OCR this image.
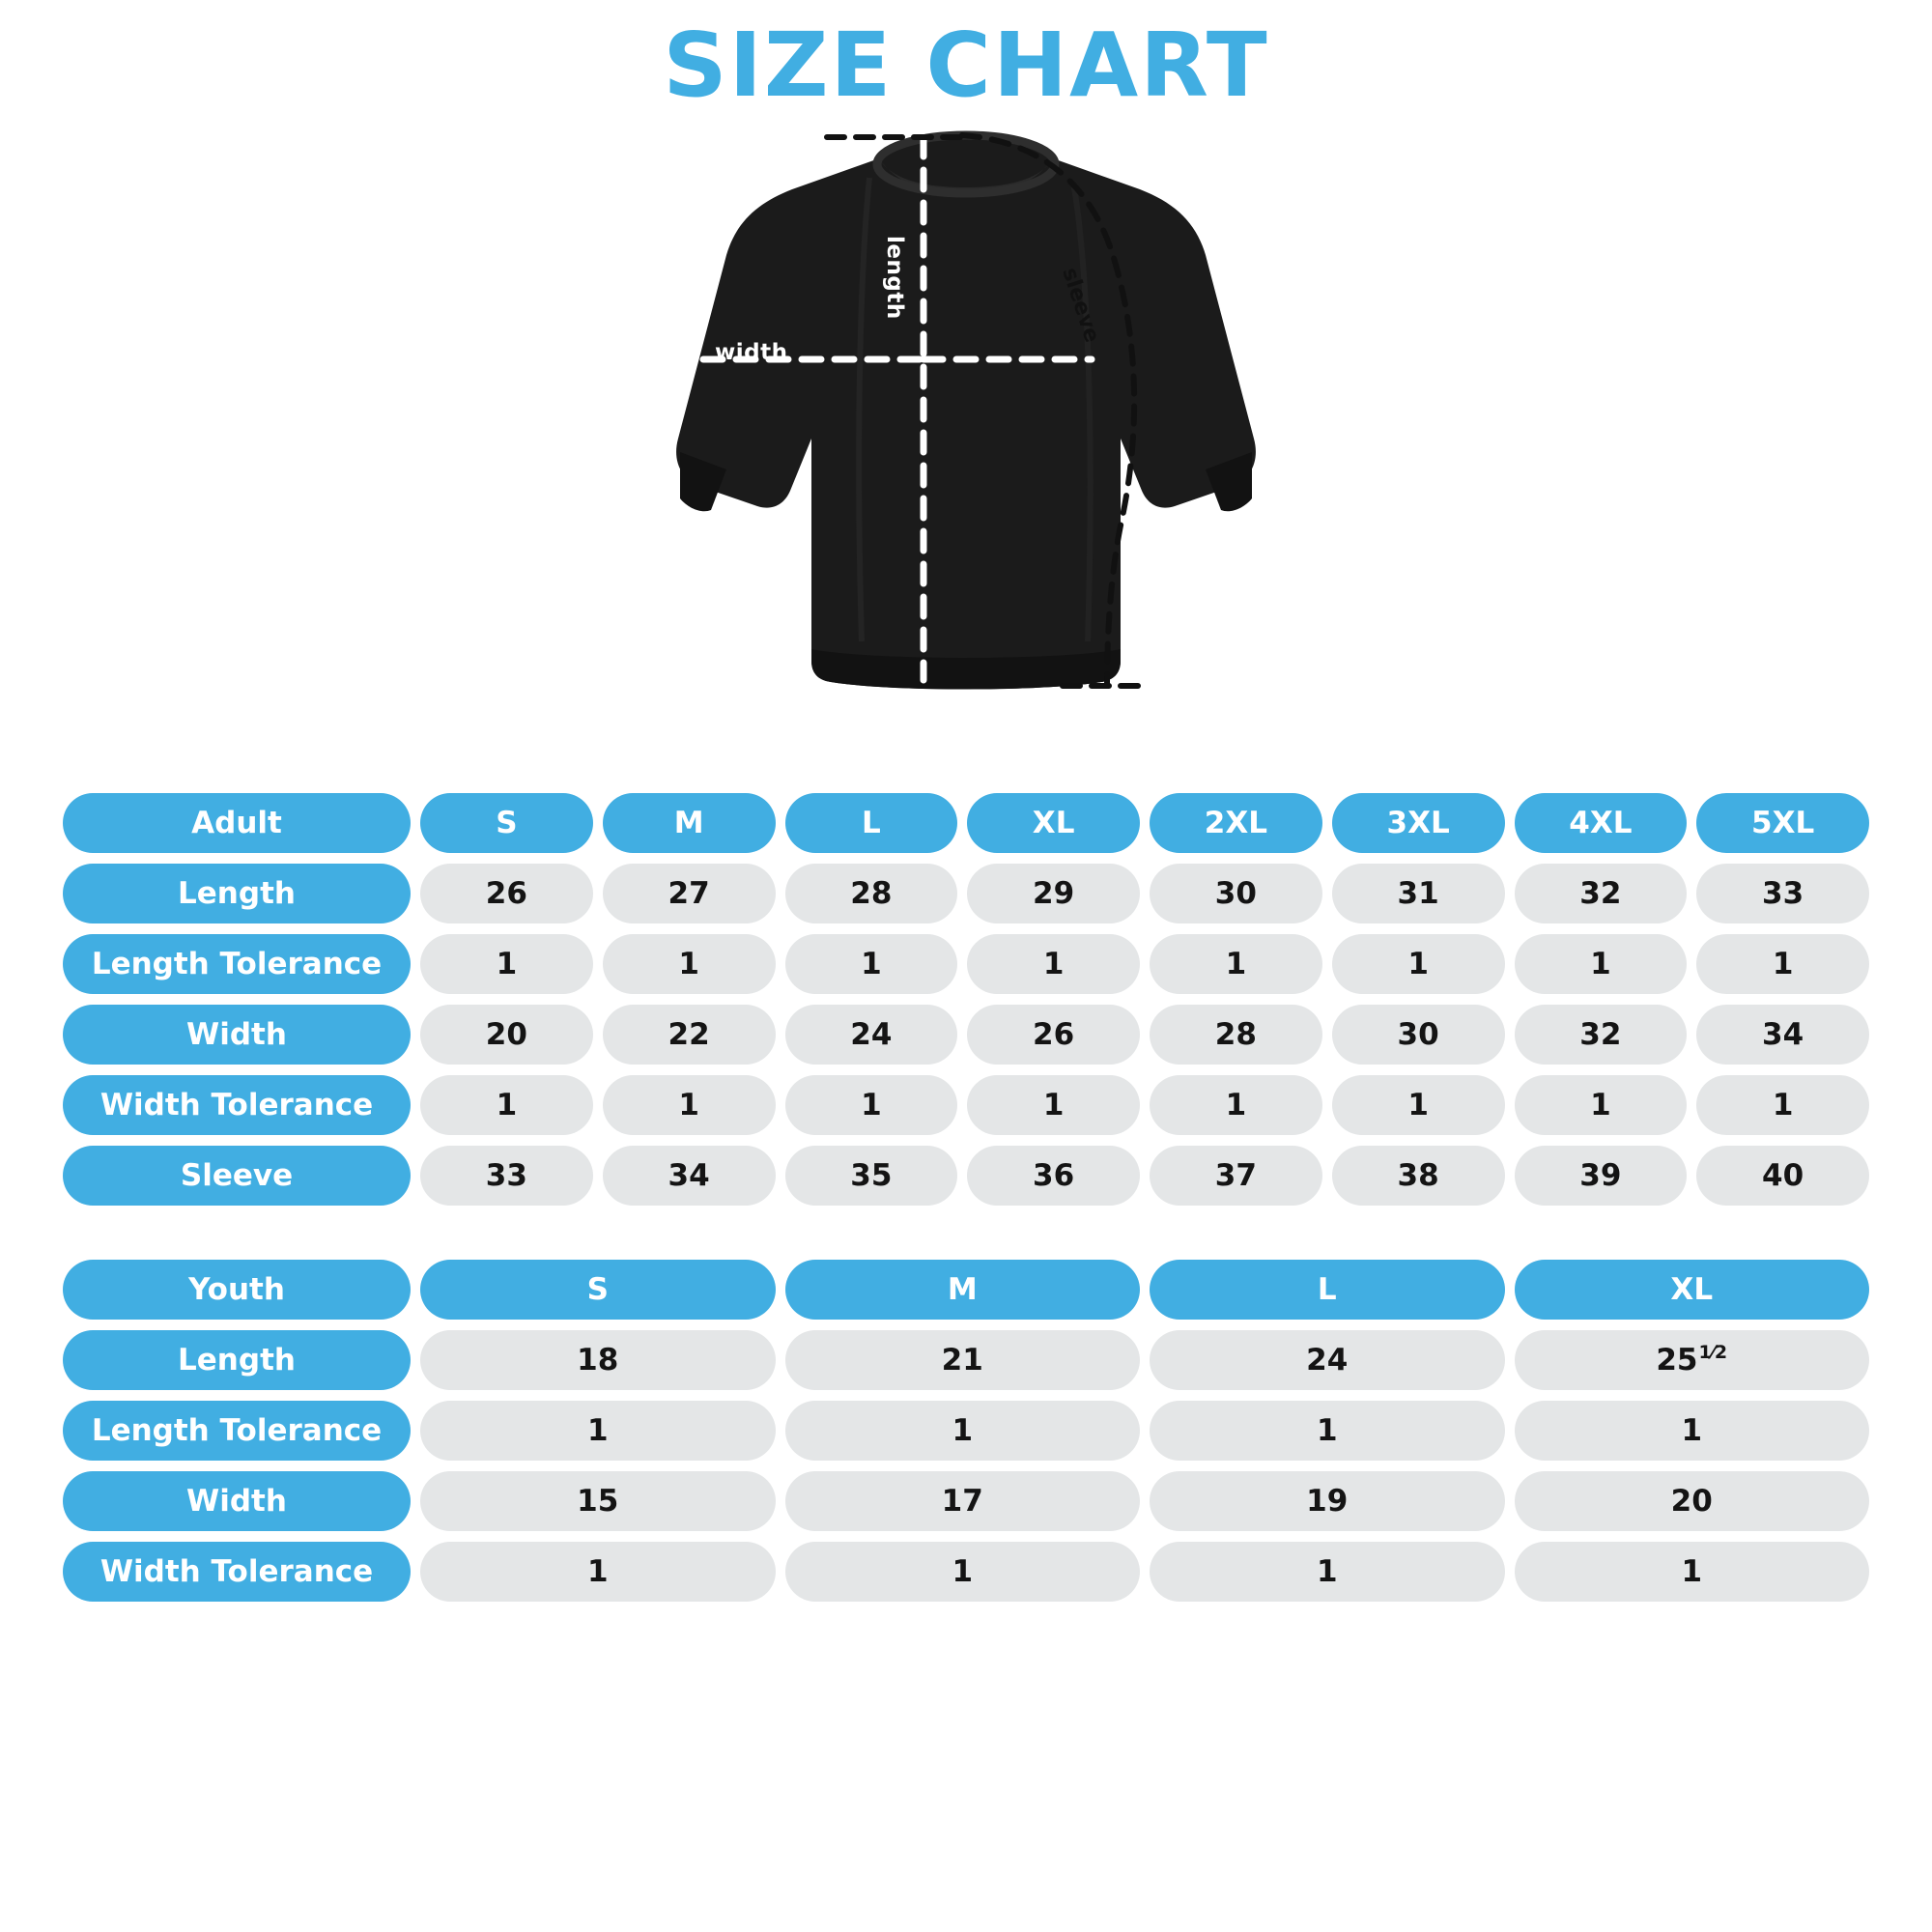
SIZE CHART
width
length	sleeve
Adult	S	M	L	XL	2XL	3XL	4XL	5XL

Length	26	27	28	29	30	31	32	33

Length Tolerance	1	1	1	1	1	1	1	1

Width	20	22	24	26	28	30	32	34

Width Tolerance	1	1	1	1	1	1	1	1

Sleeve	33	34	35	36	37	38	39	40
Youth	S	M	L	XL

Length	18	21	24	25 1⁄2

Length Tolerance	1	1	1	1

Width	15	17	19	20

Width Tolerance	1	1	1	1
